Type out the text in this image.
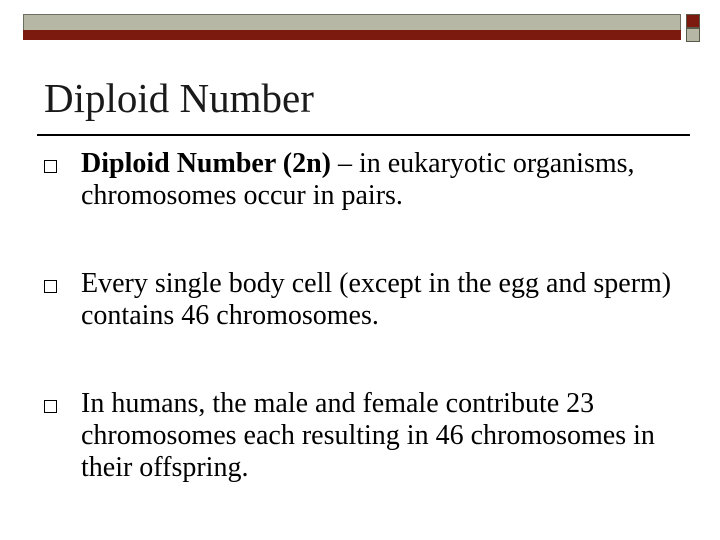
Diploid Number
Diploid Number (2n) – in eukaryotic organisms, chromosomes occur in pairs.
Every single body cell (except in the egg and sperm) contains 46 chromosomes.
In humans, the male and female contribute 23 chromosomes each resulting in 46 chromosomes in their offspring.
